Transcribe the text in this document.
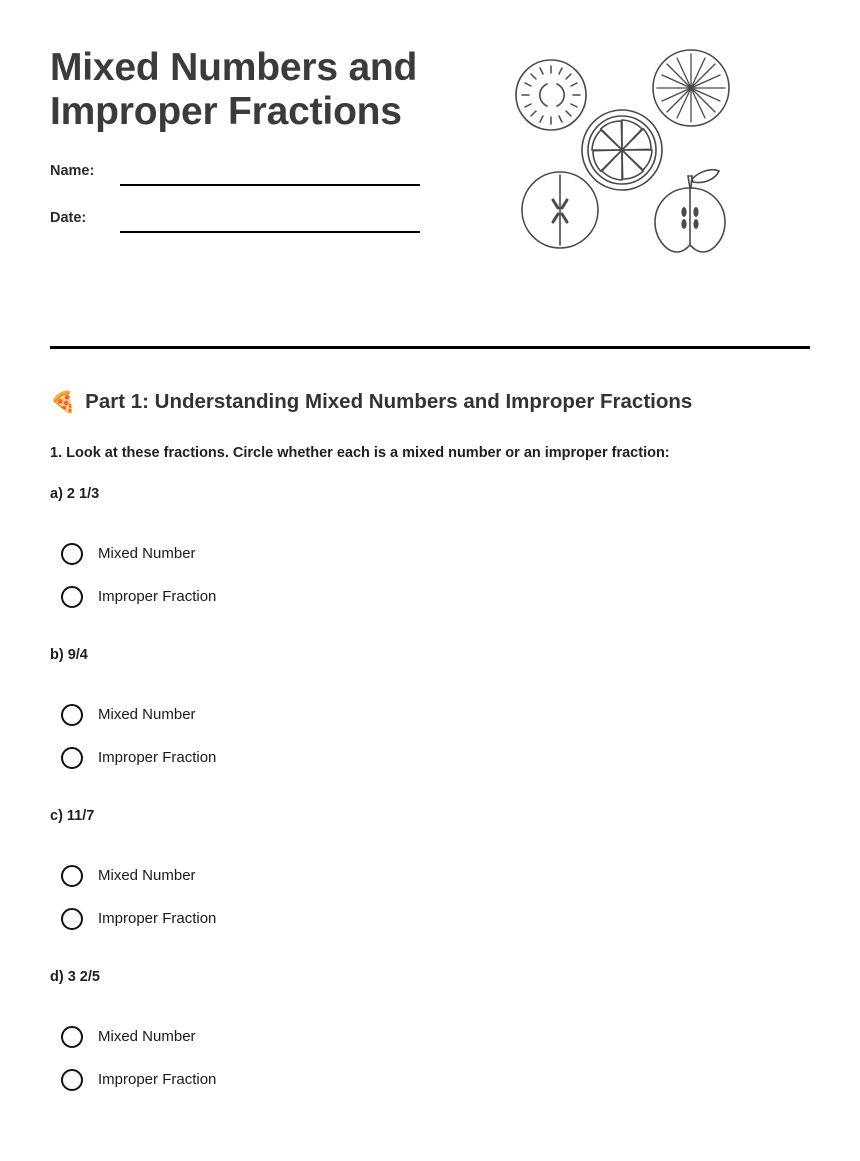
Mixed Numbers and Improper Fractions
Name:
Date:
🍕 Part 1: Understanding Mixed Numbers and Improper Fractions
1. Look at these fractions. Circle whether each is a mixed number or an improper fraction:
a) 2 1/3
Mixed Number
Improper Fraction
b) 9/4
Mixed Number
Improper Fraction
c) 11/7
Mixed Number
Improper Fraction
d) 3 2/5
Mixed Number
Improper Fraction
